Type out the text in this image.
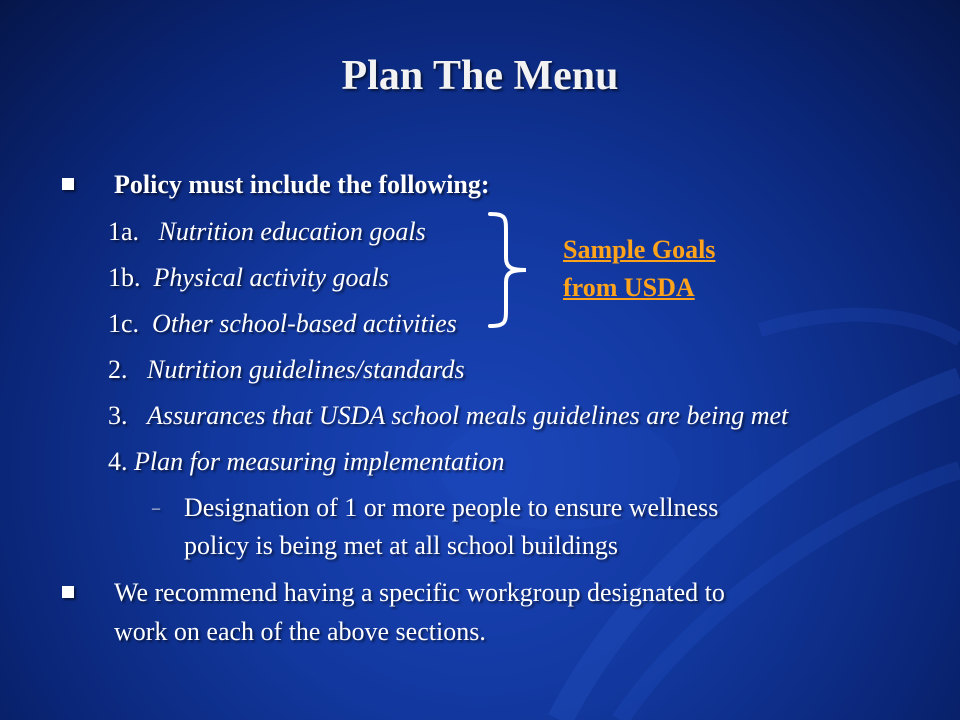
Plan The Menu
Policy must include the following:
1a. Nutrition education goals
1b. Physical activity goals
1c. Other school-based activities
2. Nutrition guidelines/standards
3. Assurances that USDA school meals guidelines are being met
4. Plan for measuring implementation
– Designation of 1 or more people to ensure wellness
policy is being met at all school buildings
We recommend having a specific workgroup designated to
work on each of the above sections.
Sample Goals
from USDA
